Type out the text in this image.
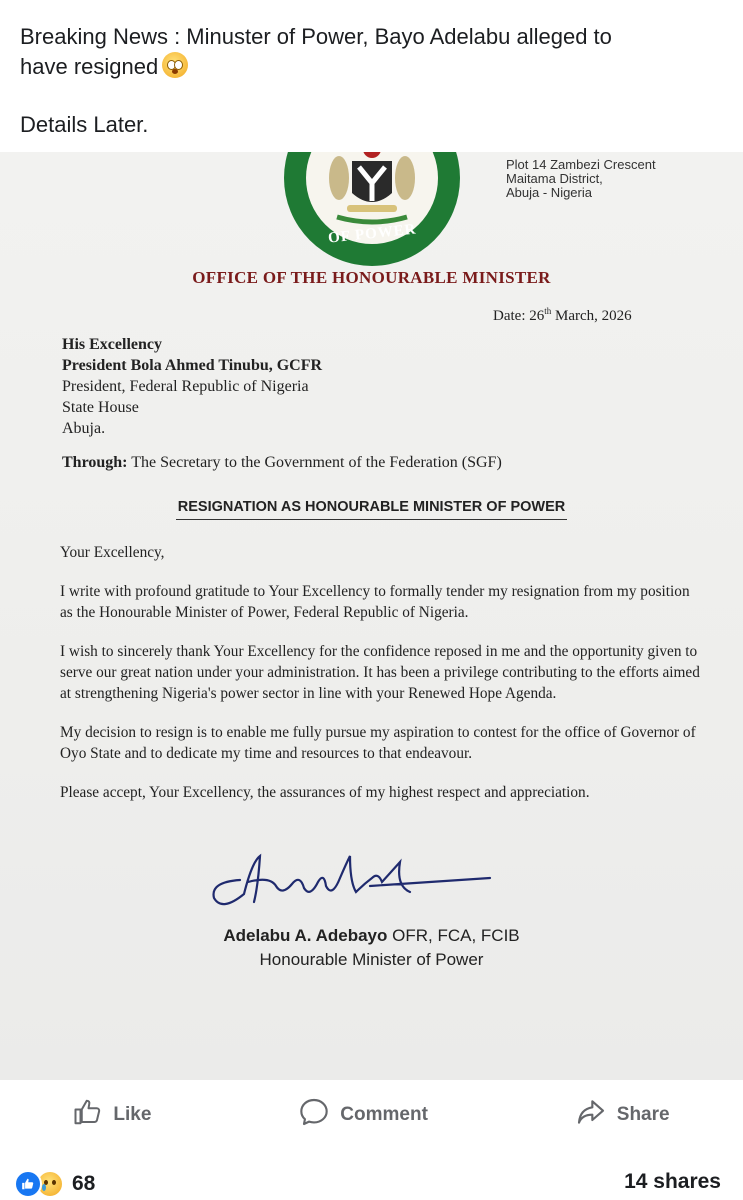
Breaking News : Minuster of Power, Bayo Adelabu alleged to

have resigned

Details Later.

OF POWER
Plot 14 Zambezi Crescent
Maitama District,
Abuja - Nigeria
OFFICE OF THE HONOURABLE MINISTER
Date: 26th March, 2026
His Excellency
President Bola Ahmed Tinubu, GCFR
President, Federal Republic of Nigeria
State House
Abuja.
Through: The Secretary to the Government of the Federation (SGF)
RESIGNATION AS HONOURABLE MINISTER OF POWER

Your Excellency,

I write with profound gratitude to Your Excellency to formally tender my resignation from my position as the Honourable Minister of Power, Federal Republic of Nigeria.

I wish to sincerely thank Your Excellency for the confidence reposed in me and the opportunity given to serve our great nation under your administration. It has been a privilege contributing to the efforts aimed at strengthening Nigeria's power sector in line with your Renewed Hope Agenda.

My decision to resign is to enable me fully pursue my aspiration to contest for the office of Governor of Oyo State and to dedicate my time and resources to that endeavour.

Please accept, Your Excellency, the assurances of my highest respect and appreciation.

Adelabu A. Adebayo OFR, FCA, FCIB
Honourable Minister of Power
Like	Comment	Share
68	14 shares
